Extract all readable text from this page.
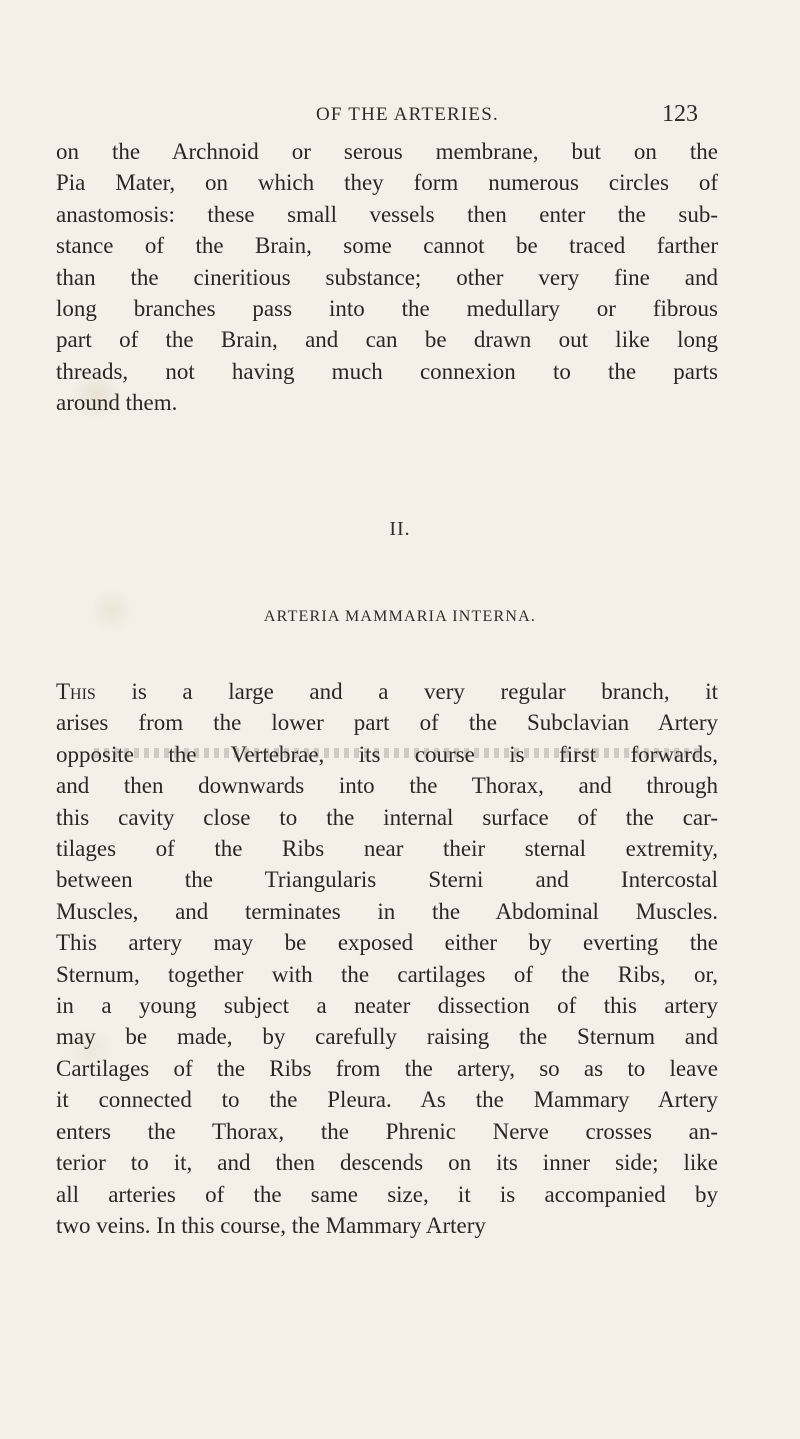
OF THE ARTERIES.	123
on the Archnoid or serous membrane, but on the
Pia Mater, on which they form numerous circles of
anastomosis: these small vessels then enter the sub-
stance of the Brain, some cannot be traced farther
than the cineritious substance; other very fine and
long branches pass into the medullary or fibrous
part of the Brain, and can be drawn out like long
threads, not having much connexion to the parts
around them.
II.
ARTERIA MAMMARIA INTERNA.
This is a large and a very regular branch, it
arises from the lower part of the Subclavian Artery
opposite the Vertebrae, its course is first forwards,
and then downwards into the Thorax, and through
this cavity close to the internal surface of the car-
tilages of the Ribs near their sternal extremity,
between the Triangularis Sterni and Intercostal
Muscles, and terminates in the Abdominal Muscles.
This artery may be exposed either by everting the
Sternum, together with the cartilages of the Ribs, or,
in a young subject a neater dissection of this artery
may be made, by carefully raising the Sternum and
Cartilages of the Ribs from the artery, so as to leave
it connected to the Pleura. As the Mammary Artery
enters the Thorax, the Phrenic Nerve crosses an-
terior to it, and then descends on its inner side; like
all arteries of the same size, it is accompanied by
two veins. In this course, the Mammary Artery
